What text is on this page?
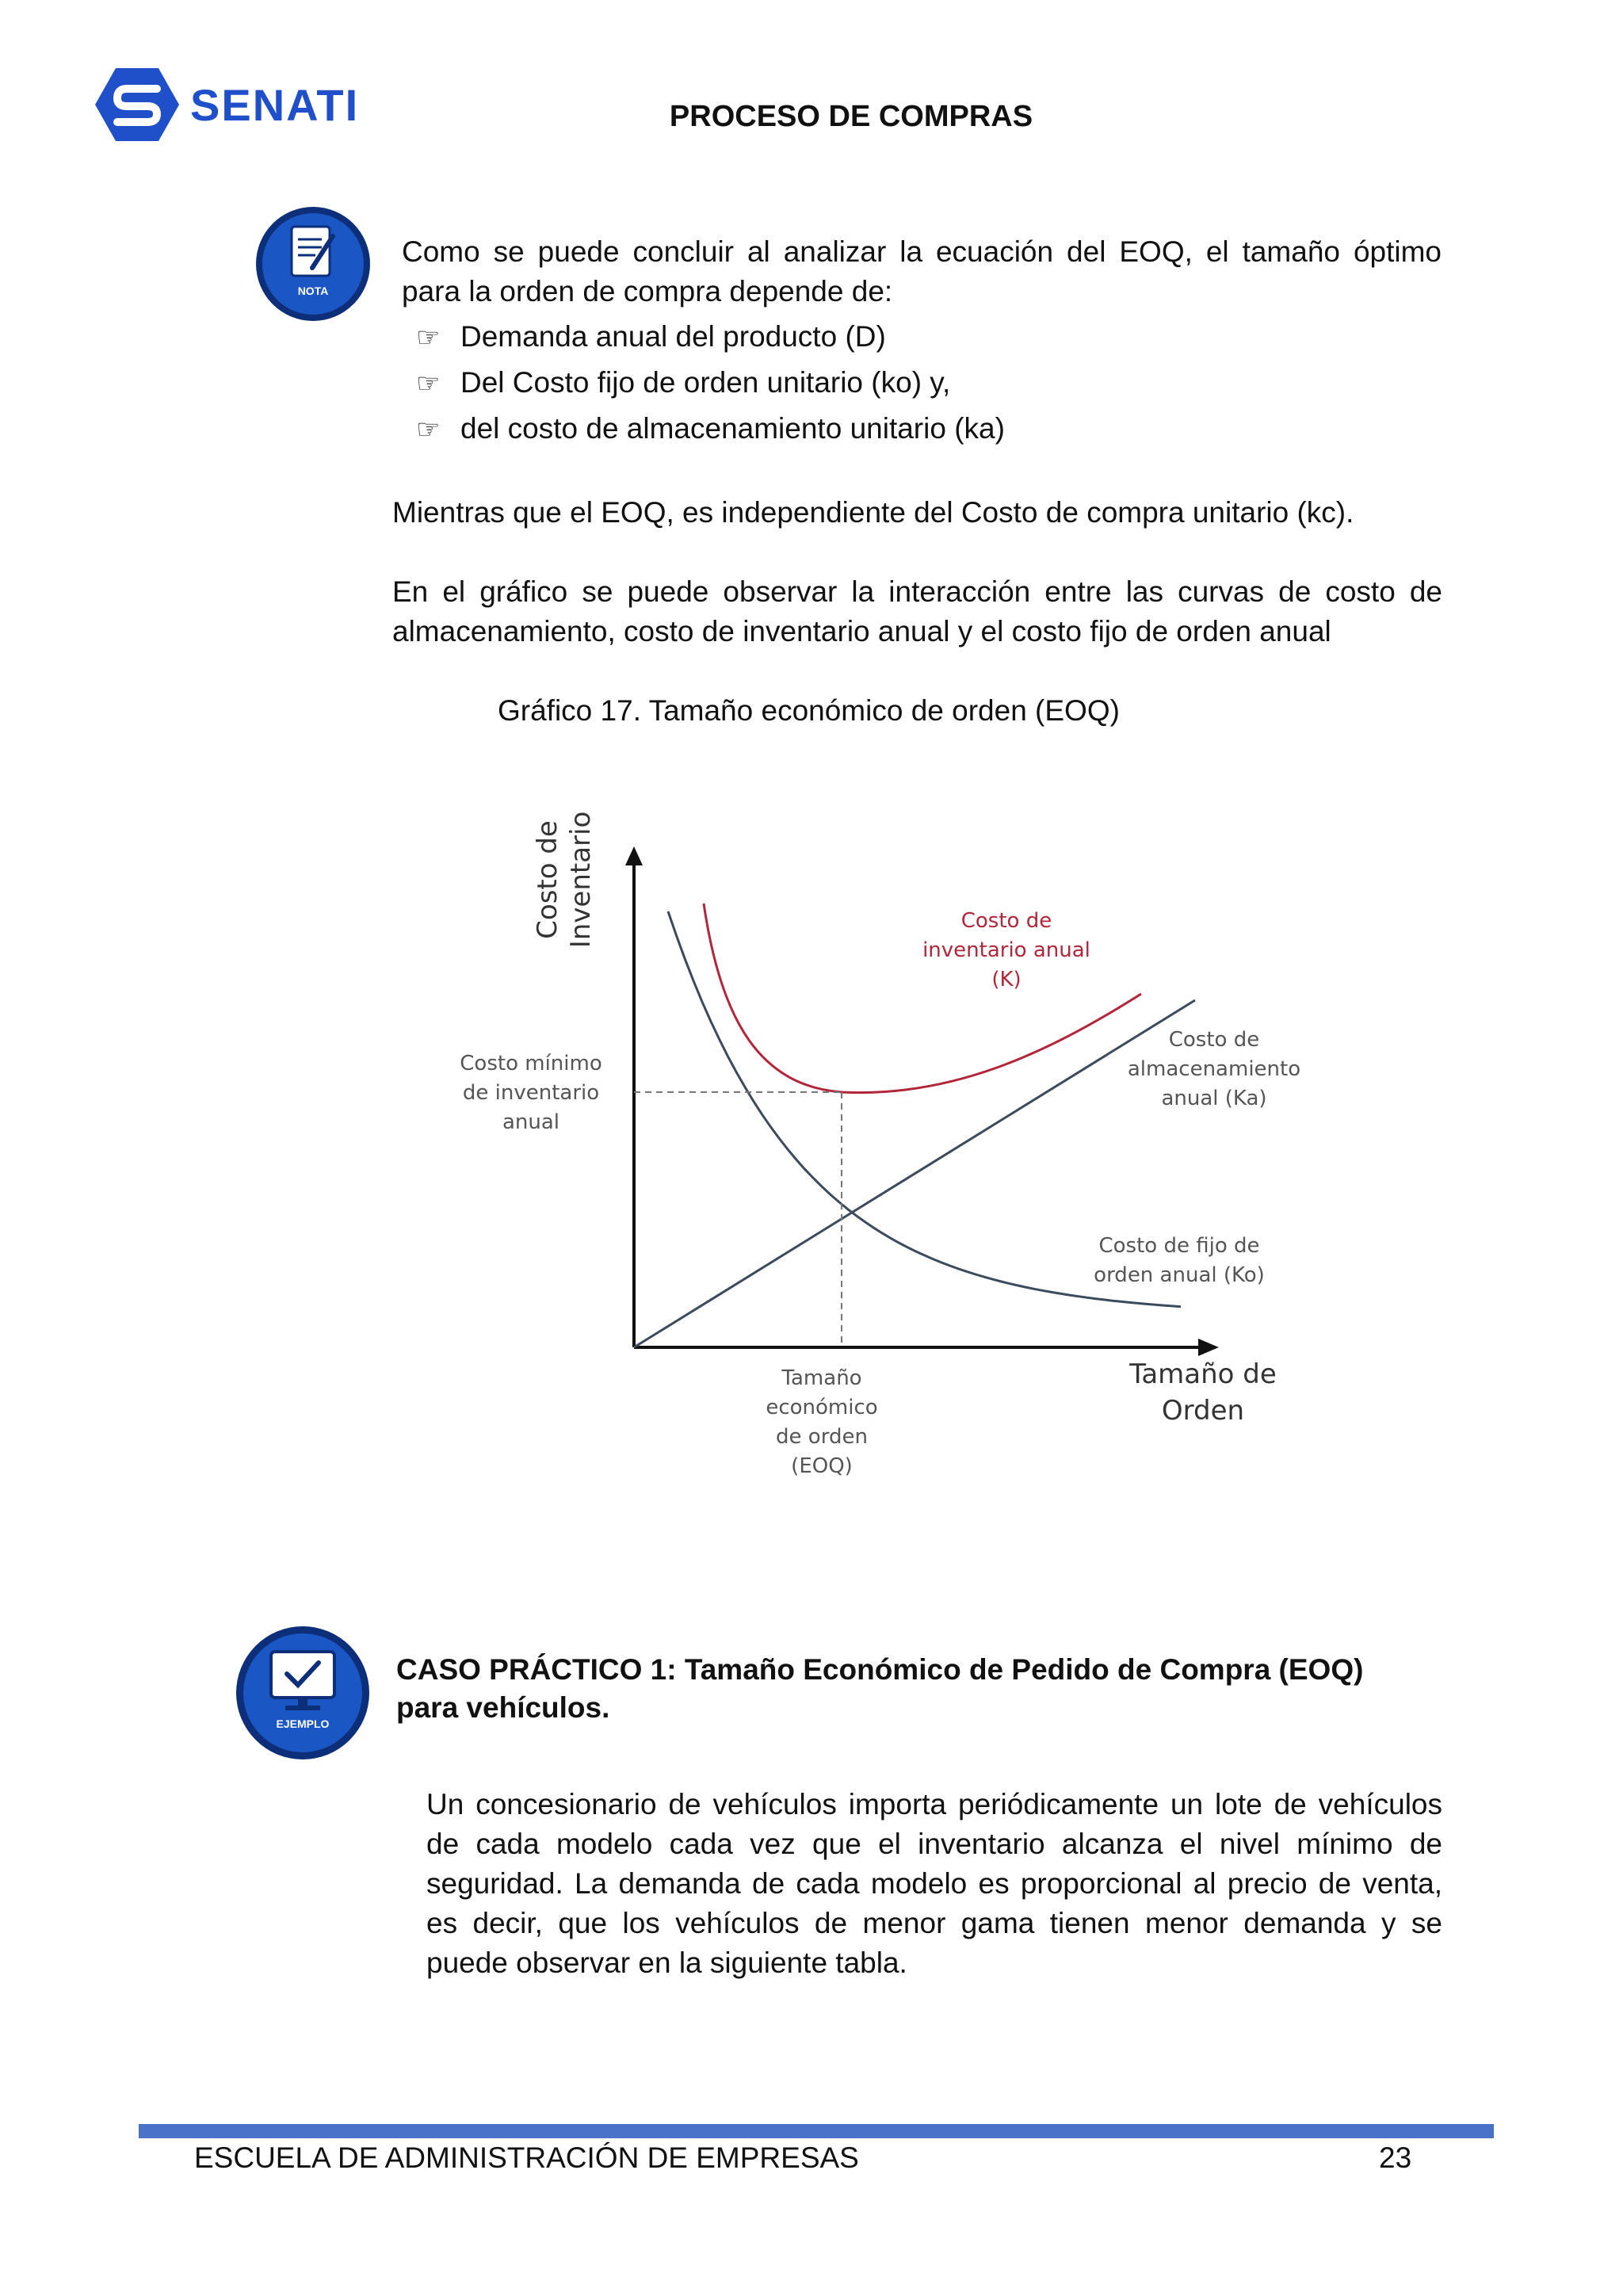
SENATI	PROCESO DE COMPRAS
NOTA
Como se puede concluir al analizar la ecuación del EOQ, el tamaño óptimo para la orden de compra depende de:
☞ Demanda anual del producto (D)
☞ Del Costo fijo de orden unitario (ko) y,
☞ del costo de almacenamiento unitario (ka)
Mientras que el EOQ, es independiente del Costo de compra unitario (kc).
En el gráfico se puede observar la interacción entre las curvas de costo de almacenamiento, costo de inventario anual y el costo fijo de orden anual
Gráfico 17. Tamaño económico de orden (EOQ)
Costo deInventario
Tamaño de Orden
Costo de inventario anual (K)
Costo de almacenamiento anual (Ka)
Costo de fijo de orden anual (Ko)
Costo mínimo de inventario anual
Tamaño económico de orden (EOQ)
EJEMPLO
CASO PRÁCTICO 1: Tamaño Económico de Pedido de Compra (EOQ)
para vehículos.
Un concesionario de vehículos importa periódicamente un lote de vehículos de cada modelo cada vez que el inventario alcanza el nivel mínimo de seguridad. La demanda de cada modelo es proporcional al precio de venta, es decir, que los vehículos de menor gama tienen menor demanda y se puede observar en la siguiente tabla.
ESCUELA DE ADMINISTRACIÓN DE EMPRESAS	23
